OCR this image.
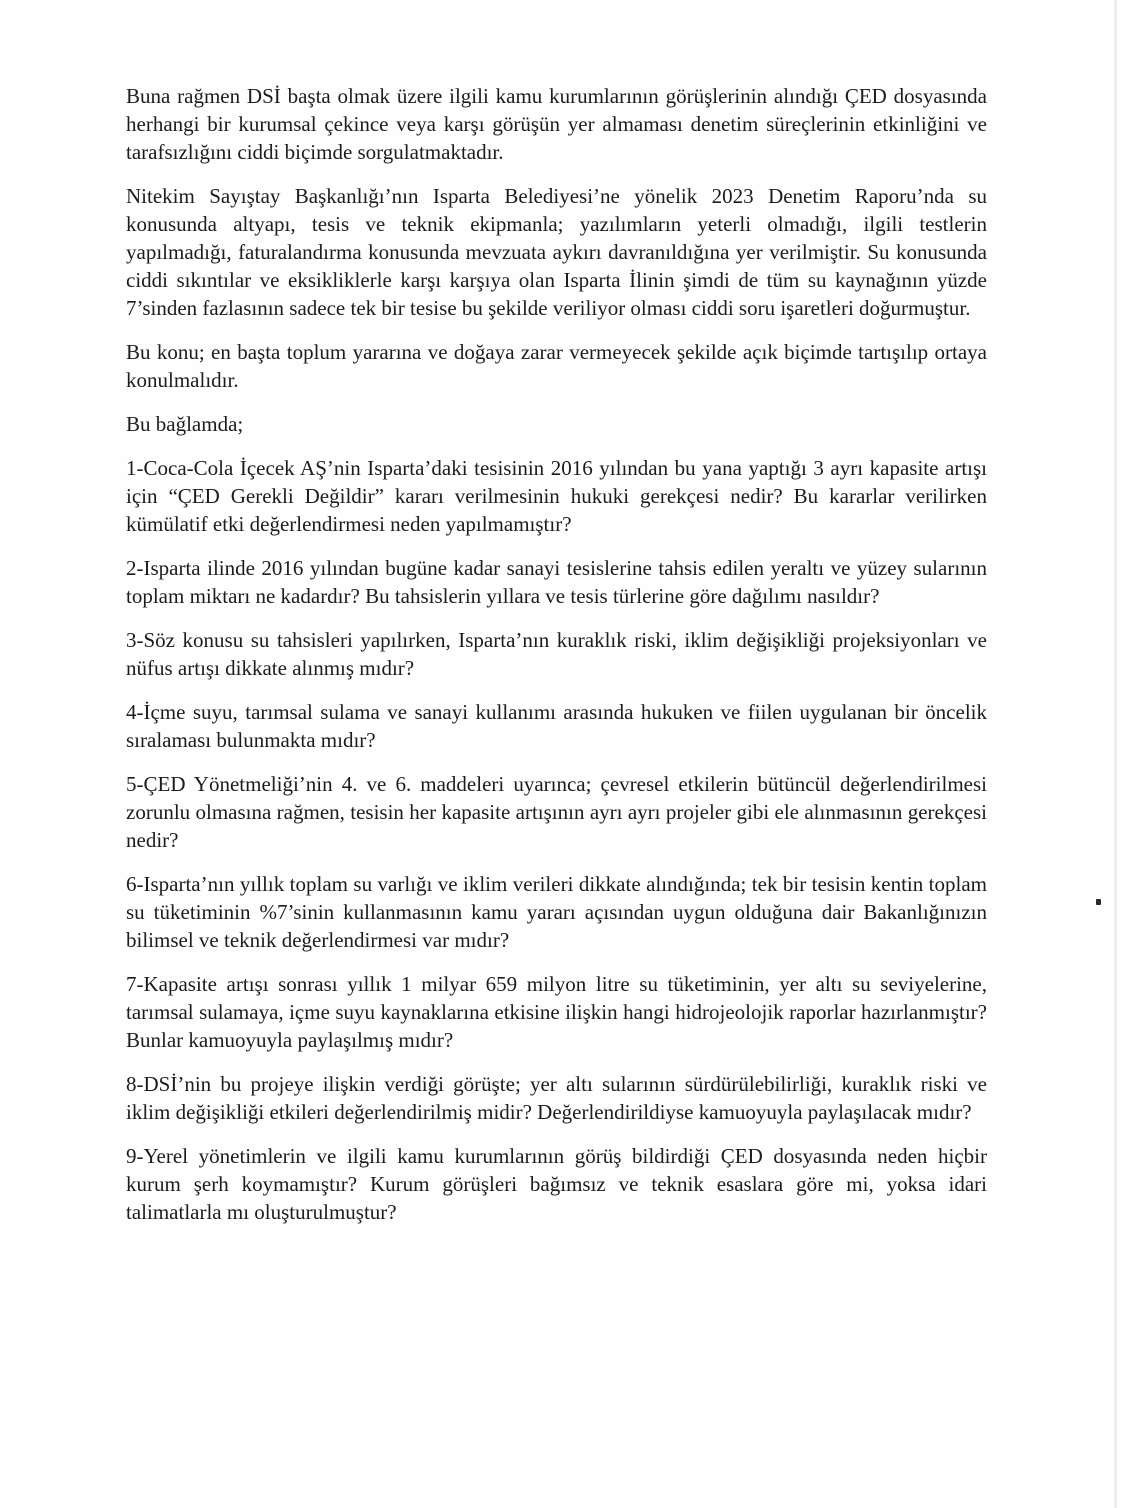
Buna rağmen DSİ başta olmak üzere ilgili kamu kurumlarının görüşlerinin alındığı ÇED dosyasında herhangi bir kurumsal çekince veya karşı görüşün yer almaması denetim süreçlerinin etkinliğini ve tarafsızlığını ciddi biçimde sorgulatmaktadır.

Nitekim Sayıştay Başkanlığı’nın Isparta Belediyesi’ne yönelik 2023 Denetim Raporu’nda su konusunda altyapı, tesis ve teknik ekipmanla; yazılımların yeterli olmadığı, ilgili testlerin yapılmadığı, faturalandırma konusunda mevzuata aykırı davranıldığına yer verilmiştir. Su konusunda ciddi sıkıntılar ve eksikliklerle karşı karşıya olan Isparta İlinin şimdi de tüm su kaynağının yüzde 7’sinden fazlasının sadece tek bir tesise bu şekilde veriliyor olması ciddi soru işaretleri doğurmuştur.

Bu konu; en başta toplum yararına ve doğaya zarar vermeyecek şekilde açık biçimde tartışılıp ortaya konulmalıdır.

Bu bağlamda;

1-Coca-Cola İçecek AŞ’nin Isparta’daki tesisinin 2016 yılından bu yana yaptığı 3 ayrı kapasite artışı için “ÇED Gerekli Değildir” kararı verilmesinin hukuki gerekçesi nedir? Bu kararlar verilirken kümülatif etki değerlendirmesi neden yapılmamıştır?

2-Isparta ilinde 2016 yılından bugüne kadar sanayi tesislerine tahsis edilen yeraltı ve yüzey sularının toplam miktarı ne kadardır? Bu tahsislerin yıllara ve tesis türlerine göre dağılımı nasıldır?

3-Söz konusu su tahsisleri yapılırken, Isparta’nın kuraklık riski, iklim değişikliği projeksiyonları ve nüfus artışı dikkate alınmış mıdır?

4-İçme suyu, tarımsal sulama ve sanayi kullanımı arasında hukuken ve fiilen uygulanan bir öncelik sıralaması bulunmakta mıdır?

5-ÇED Yönetmeliği’nin 4. ve 6. maddeleri uyarınca; çevresel etkilerin bütüncül değerlendirilmesi zorunlu olmasına rağmen, tesisin her kapasite artışının ayrı ayrı projeler gibi ele alınmasının gerekçesi nedir?

6-Isparta’nın yıllık toplam su varlığı ve iklim verileri dikkate alındığında; tek bir tesisin kentin toplam su tüketiminin %7’sinin kullanmasının kamu yararı açısından uygun olduğuna dair Bakanlığınızın bilimsel ve teknik değerlendirmesi var mıdır?

7-Kapasite artışı sonrası yıllık 1 milyar 659 milyon litre su tüketiminin, yer altı su seviyelerine, tarımsal sulamaya, içme suyu kaynaklarına etkisine ilişkin hangi hidrojeolojik raporlar hazırlanmıştır? Bunlar kamuoyuyla paylaşılmış mıdır?

8-DSİ’nin bu projeye ilişkin verdiği görüşte; yer altı sularının sürdürülebilirliği, kuraklık riski ve iklim değişikliği etkileri değerlendirilmiş midir? Değerlendirildiyse kamuoyuyla paylaşılacak mıdır?

9-Yerel yönetimlerin ve ilgili kamu kurumlarının görüş bildirdiği ÇED dosyasında neden hiçbir kurum şerh koymamıştır? Kurum görüşleri bağımsız ve teknik esaslara göre mi, yoksa idari talimatlarla mı oluşturulmuştur?
